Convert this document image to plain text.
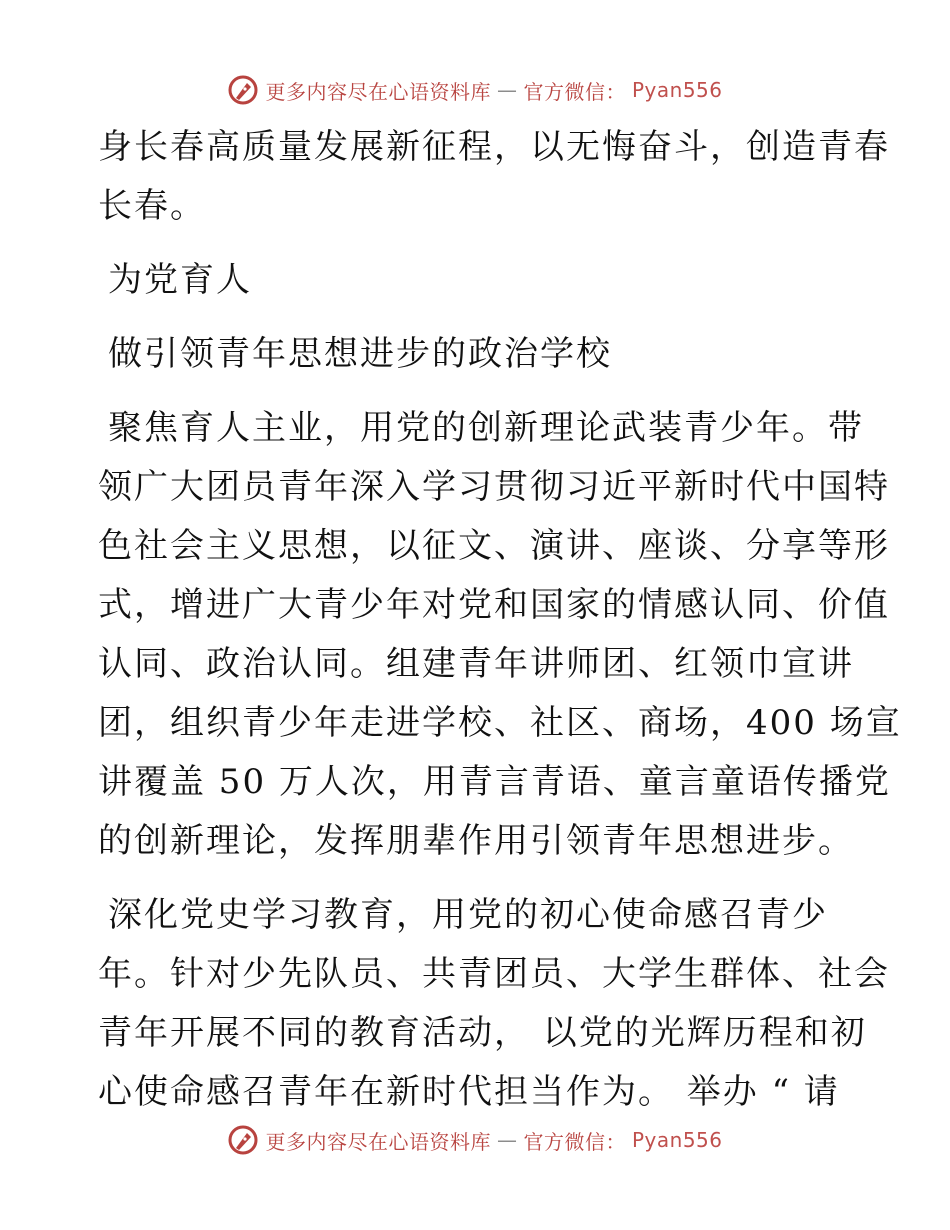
更多内容尽在心语资料库 — 官方微信： Pyan556
身长春高质量发展新征程，以无悔奋斗，创造青春
长春。
为党育人
做引领青年思想进步的政治学校
聚焦育人主业，用党的创新理论武装青少年。带
领广大团员青年深入学习贯彻习近平新时代中国特
色社会主义思想，以征文、演讲、座谈、分享等形
式，增进广大青少年对党和国家的情感认同、价值
认同、政治认同。组建青年讲师团、红领巾宣讲
团，组织青少年走进学校、社区、商场，400 场宣
讲覆盖 50 万人次，用青言青语、童言童语传播党
的创新理论，发挥朋辈作用引领青年思想进步。
深化党史学习教育，用党的初心使命感召青少
年。针对少先队员、共青团员、大学生群体、社会
青年开展不同的教育活动， 以党的光辉历程和初
心使命感召青年在新时代担当作为。 举办 “ 请
更多内容尽在心语资料库 — 官方微信： Pyan556
